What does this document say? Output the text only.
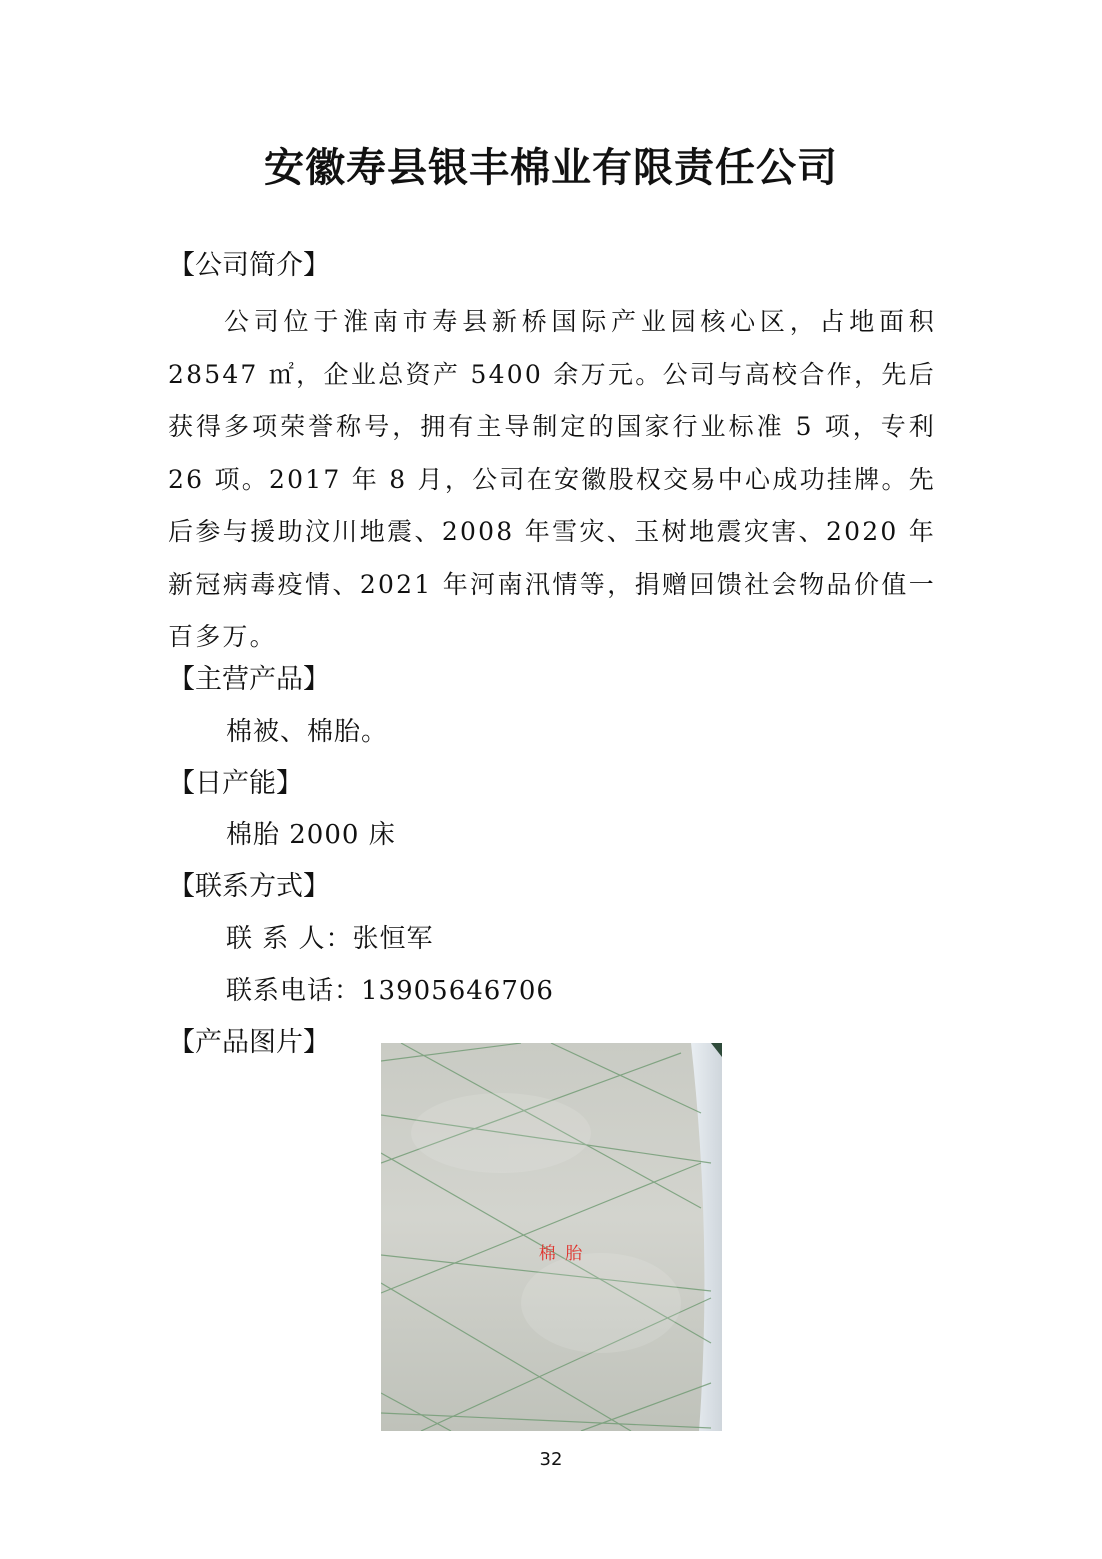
安徽寿县银丰棉业有限责任公司
【公司简介】

公司位于淮南市寿县新桥国际产业园核心区，占地面积 28547 ㎡，企业总资产 5400 余万元。公司与高校合作，先后获得多项荣誉称号，拥有主导制定的国家行业标准 5 项，专利 26 项。2017 年 8 月，公司在安徽股权交易中心成功挂牌。先后参与援助汶川地震、2008 年雪灾、玉树地震灾害、2020 年新冠病毒疫情、2021 年河南汛情等，捐赠回馈社会物品价值一百多万。

【主营产品】
棉被、棉胎。
【日产能】
棉胎 2000 床
【联系方式】
联 系 人：张恒军
联系电话：13905646706
【产品图片】
棉 胎
32
